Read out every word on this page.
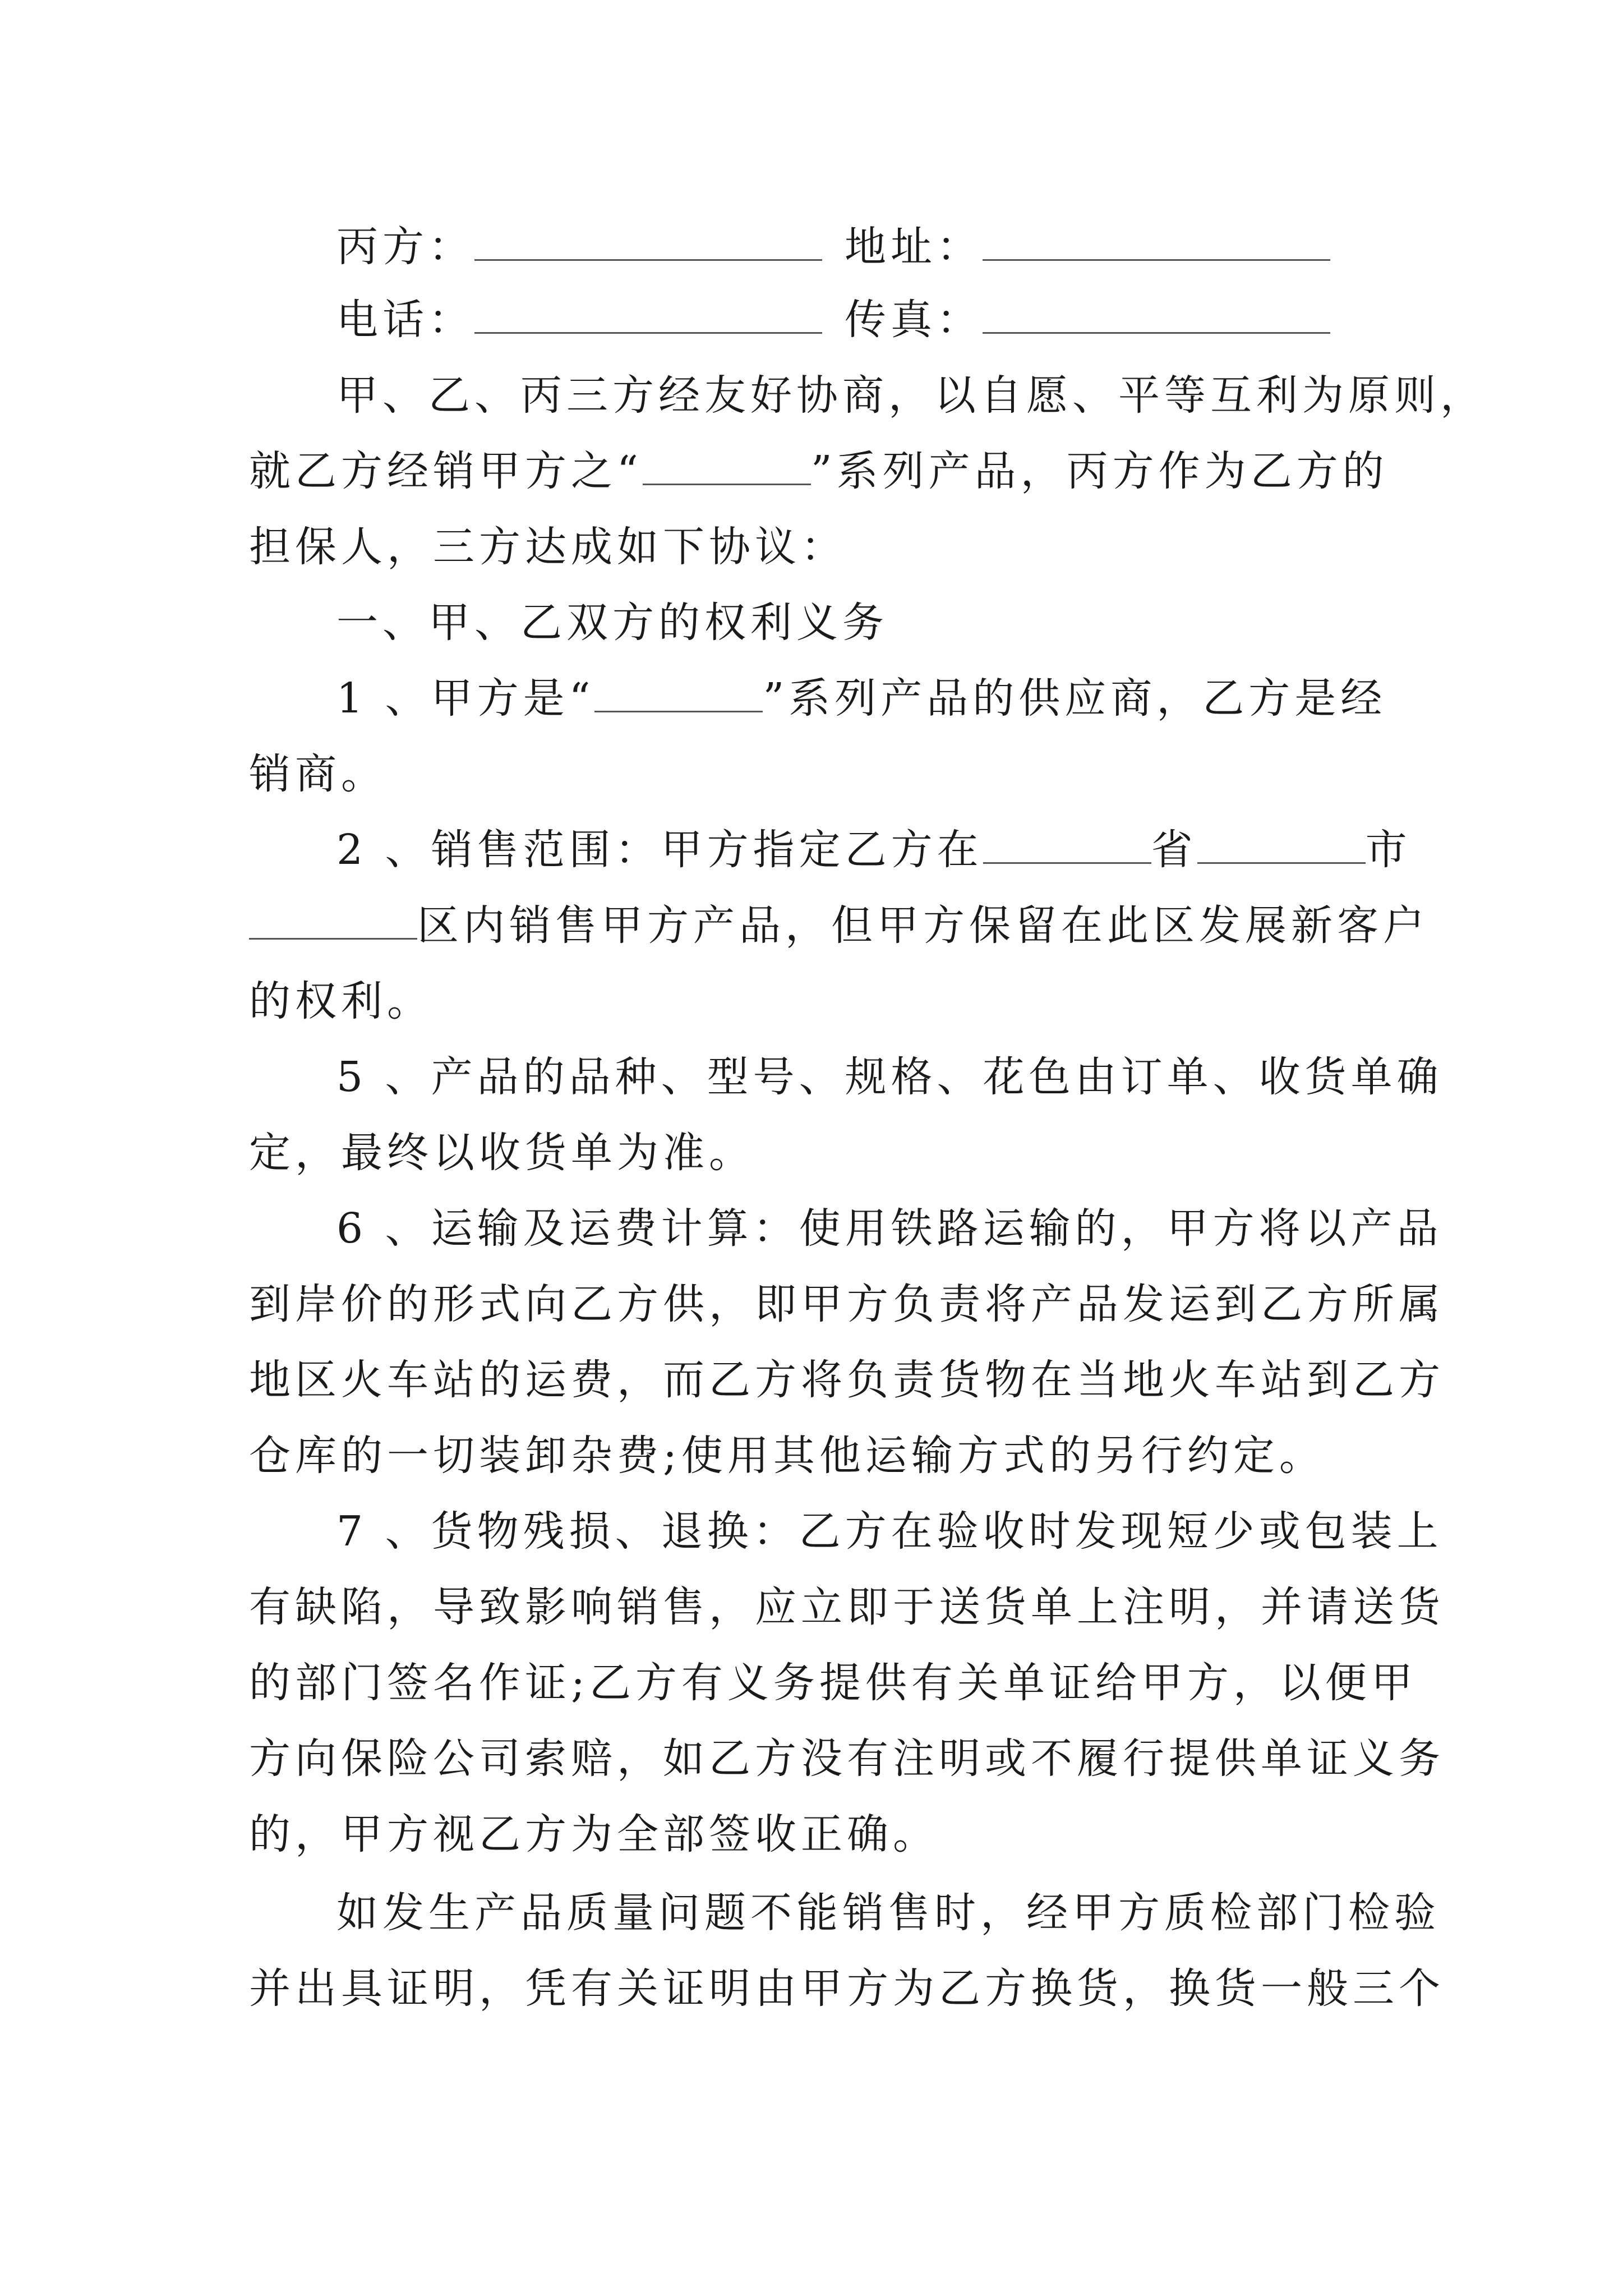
丙方：	地址：
电话：	传真：
甲、乙、丙三方经友好协商，以自愿、平等互利为原则，
就乙方经销甲方之“	”系列产品，丙方作为乙方的
担保人，三方达成如下协议：
一、甲、乙双方的权利义务
1 、甲方是“	”系列产品的供应商，乙方是经
销商。
2 、销售范围：甲方指定乙方在	省	市
区内销售甲方产品，但甲方保留在此区发展新客户
的权利。
5 、产品的品种、型号、规格、花色由订单、收货单确
定，最终以收货单为准。
6 、运输及运费计算：使用铁路运输的，甲方将以产品
到岸价的形式向乙方供，即甲方负责将产品发运到乙方所属
地区火车站的运费，而乙方将负责货物在当地火车站到乙方
仓库的一切装卸杂费;使用其他运输方式的另行约定。
7 、货物残损、退换：乙方在验收时发现短少或包装上
有缺陷，导致影响销售，应立即于送货单上注明，并请送货
的部门签名作证;乙方有义务提供有关单证给甲方，以便甲
方向保险公司索赔，如乙方没有注明或不履行提供单证义务
的，甲方视乙方为全部签收正确。
如发生产品质量问题不能销售时，经甲方质检部门检验
并出具证明，凭有关证明由甲方为乙方换货，换货一般三个
